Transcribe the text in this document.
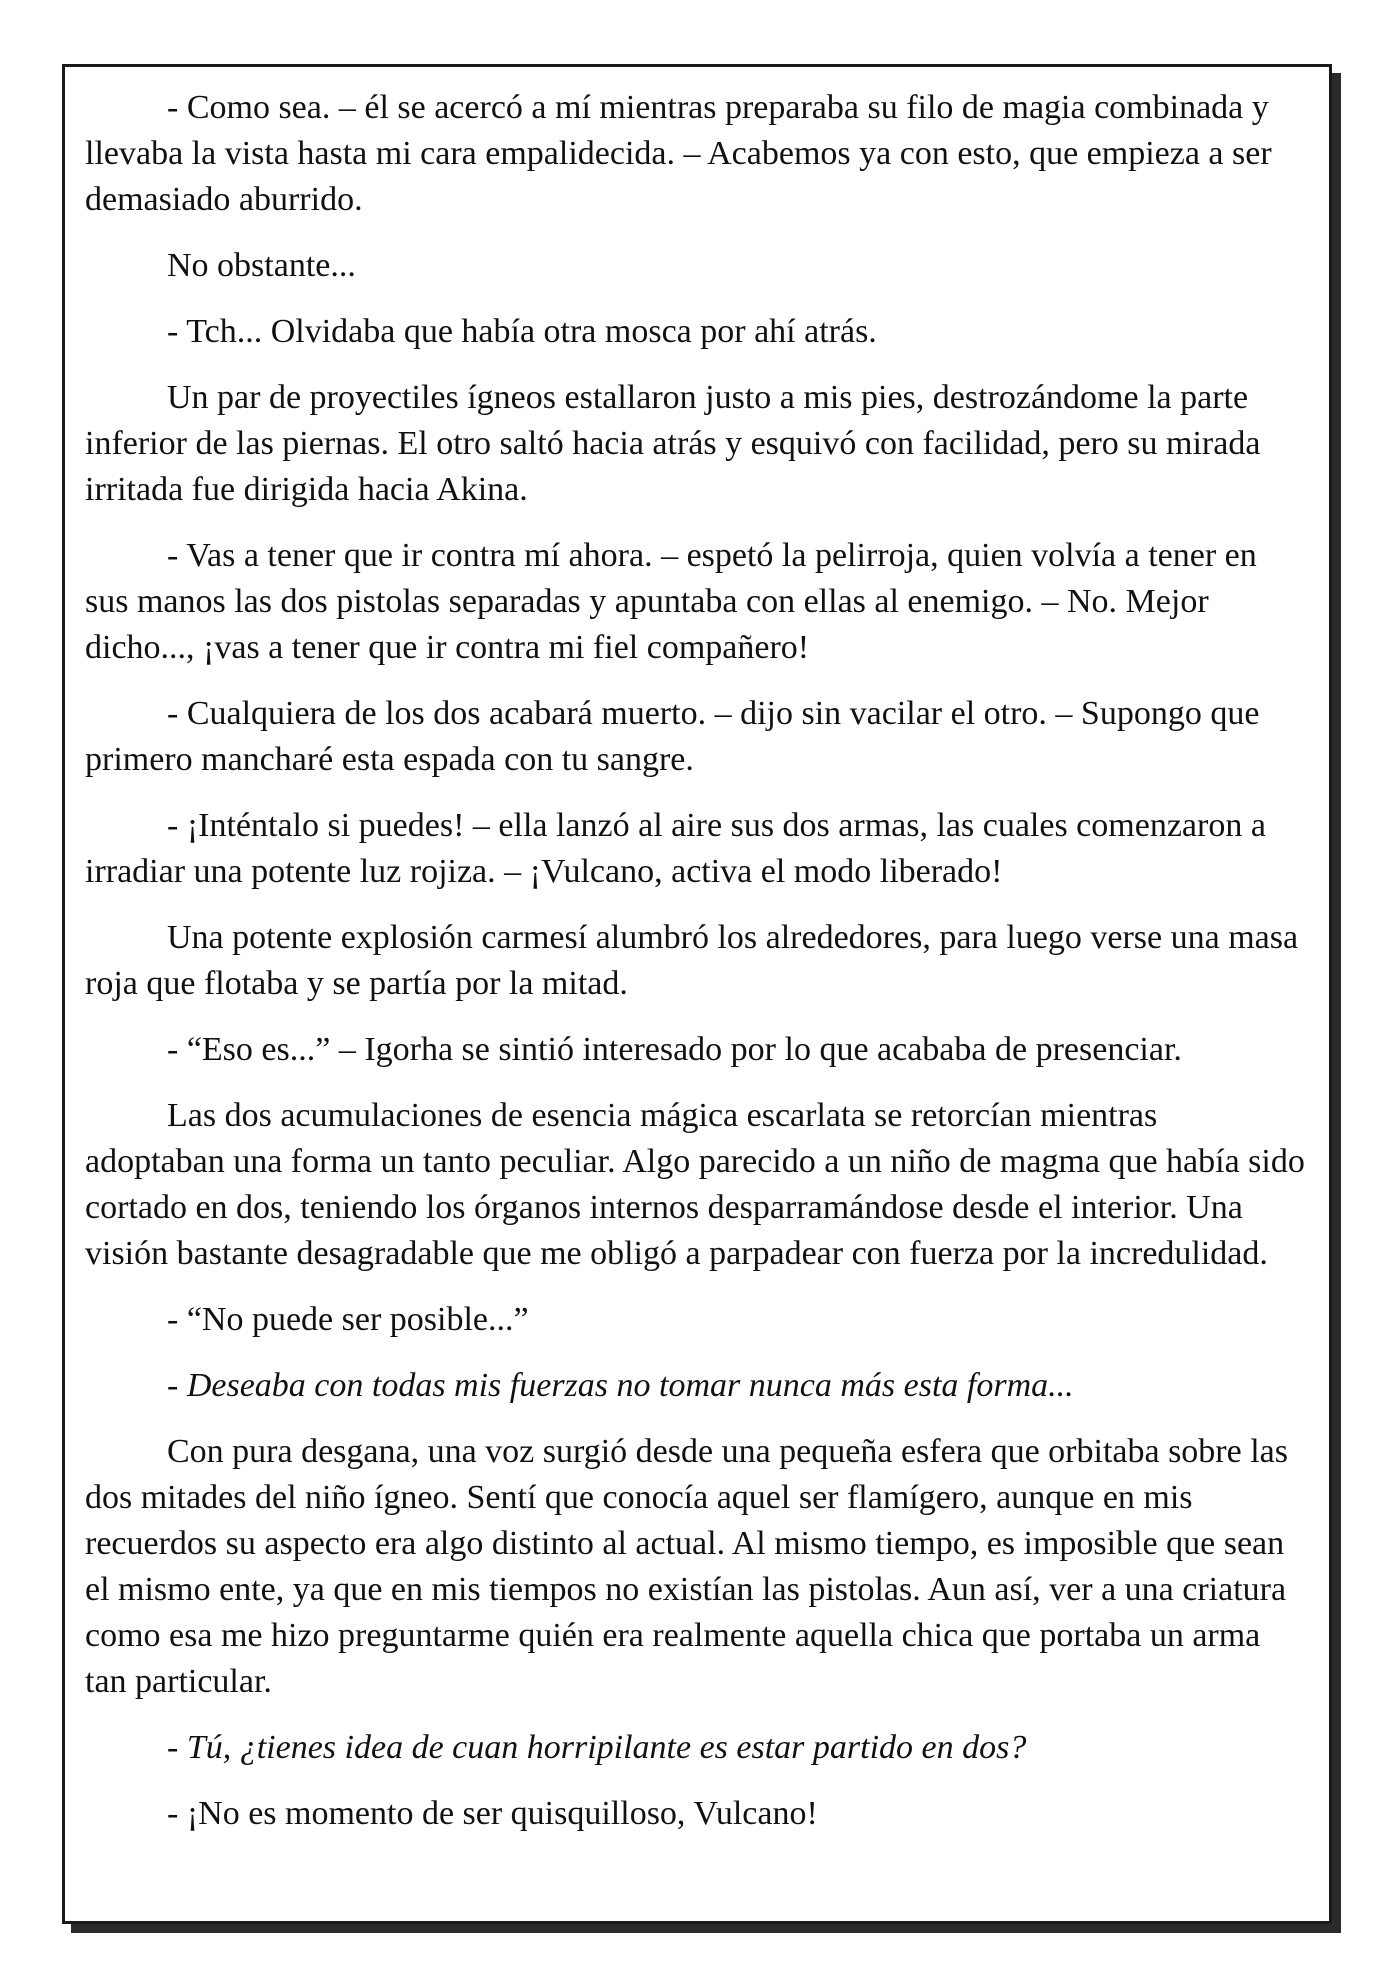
- Como sea. – él se acercó a mí mientras preparaba su filo de magia combinada y llevaba la vista hasta mi cara empalidecida. – Acabemos ya con esto, que empieza a ser demasiado aburrido.

No obstante...

- Tch... Olvidaba que había otra mosca por ahí atrás.

Un par de proyectiles ígneos estallaron justo a mis pies, destrozándome la parte inferior de las piernas. El otro saltó hacia atrás y esquivó con facilidad, pero su mirada irritada fue dirigida hacia Akina.

- Vas a tener que ir contra mí ahora. – espetó la pelirroja, quien volvía a tener en sus manos las dos pistolas separadas y apuntaba con ellas al enemigo. – No. Mejor dicho..., ¡vas a tener que ir contra mi fiel compañero!

- Cualquiera de los dos acabará muerto. – dijo sin vacilar el otro. – Supongo que primero mancharé esta espada con tu sangre.

- ¡Inténtalo si puedes! – ella lanzó al aire sus dos armas, las cuales comenzaron a irradiar una potente luz rojiza. – ¡Vulcano, activa el modo liberado!

Una potente explosión carmesí alumbró los alrededores, para luego verse una masa roja que flotaba y se partía por la mitad.

- “Eso es...” – Igorha se sintió interesado por lo que acababa de presenciar.

Las dos acumulaciones de esencia mágica escarlata se retorcían mientras adoptaban una forma un tanto peculiar. Algo parecido a un niño de magma que había sido cortado en dos, teniendo los órganos internos desparramándose desde el interior. Una visión bastante desagradable que me obligó a parpadear con fuerza por la incredulidad.

- “No puede ser posible...”

- Deseaba con todas mis fuerzas no tomar nunca más esta forma...

Con pura desgana, una voz surgió desde una pequeña esfera que orbitaba sobre las dos mitades del niño ígneo. Sentí que conocía aquel ser flamígero, aunque en mis recuerdos su aspecto era algo distinto al actual. Al mismo tiempo, es imposible que sean el mismo ente, ya que en mis tiempos no existían las pistolas. Aun así, ver a una criatura como esa me hizo preguntarme quién era realmente aquella chica que portaba un arma tan particular.

- Tú, ¿tienes idea de cuan horripilante es estar partido en dos?

- ¡No es momento de ser quisquilloso, Vulcano!
